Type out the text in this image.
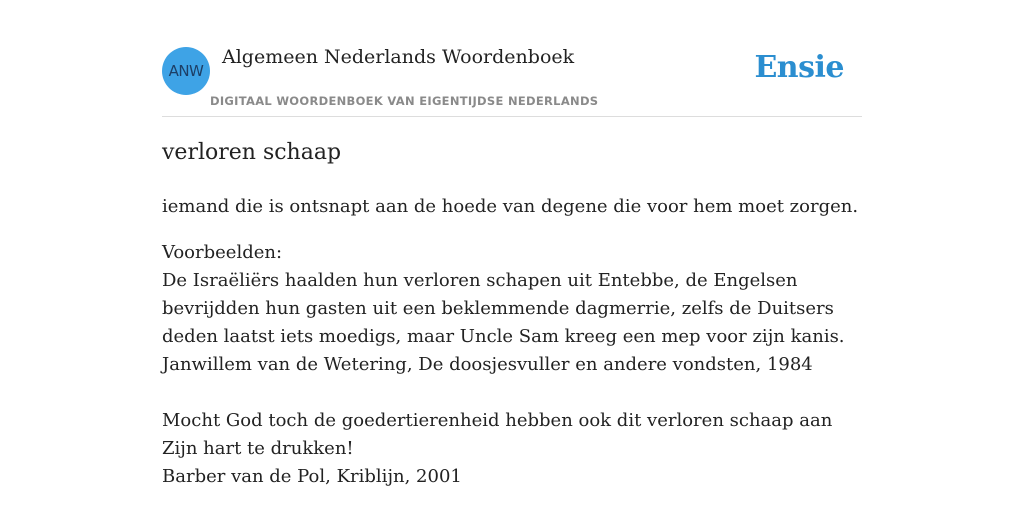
ANW
Algemeen Nederlands Woordenboek
DIGITAAL WOORDENBOEK VAN EIGENTIJDSE NEDERLANDS
Ensie
verloren schaap
iemand die is ontsnapt aan de hoede van degene die voor hem moet zorgen.
Voorbeelden:
De Israëliërs haalden hun verloren schapen uit Entebbe, de Engelsen bevrijdden hun gasten uit een beklemmende dagmerrie, zelfs de Duitsers deden laatst iets moedigs, maar Uncle Sam kreeg een mep voor zijn kanis.
Janwillem van de Wetering, De doosjesvuller en andere vondsten, 1984
Mocht God toch de goedertierenheid hebben ook dit verloren schaap aan Zijn hart te drukken!
Barber van de Pol, Kriblijn, 2001
